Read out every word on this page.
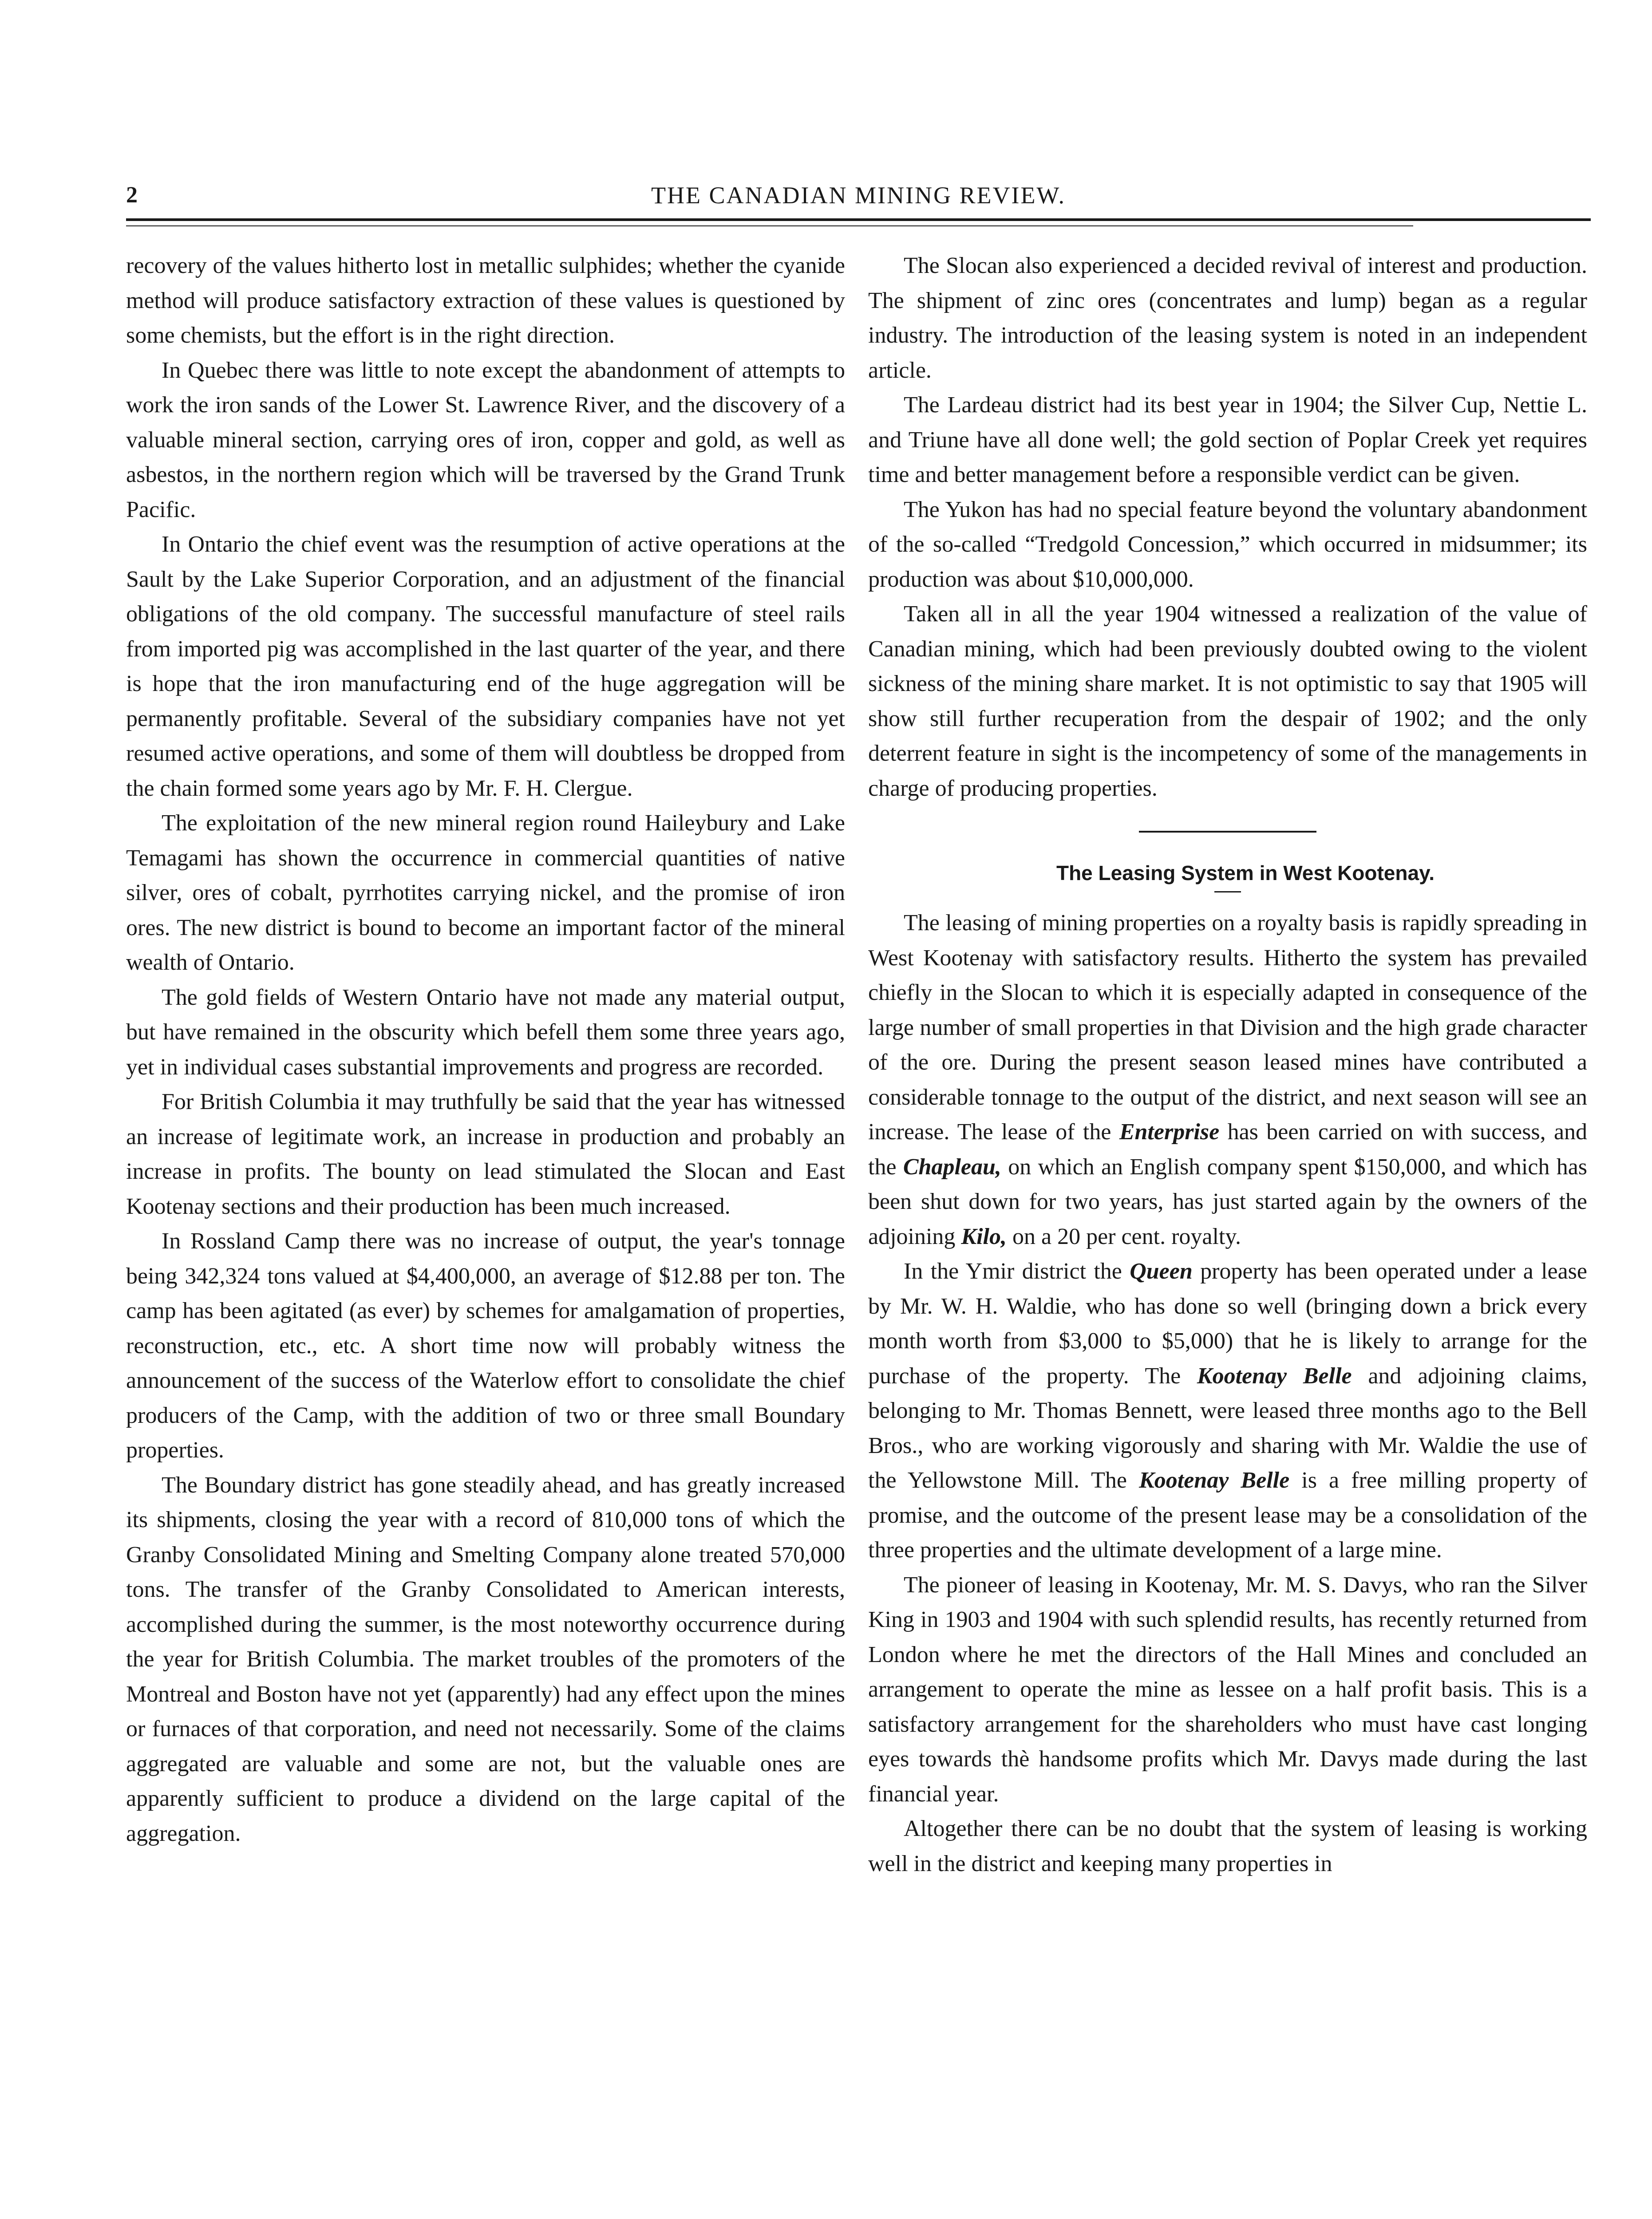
2	THE CANADIAN MINING REVIEW.

recovery of the values hitherto lost in metallic sulphides; whether the cyanide method will produce satisfactory extraction of these values is questioned by some chemists, but the effort is in the right direction.

In Quebec there was little to note except the abandonment of attempts to work the iron sands of the Lower St. Lawrence River, and the discovery of a valuable mineral section, carrying ores of iron, copper and gold, as well as asbestos, in the northern region which will be traversed by the Grand Trunk Pacific.

In Ontario the chief event was the resumption of active operations at the Sault by the Lake Superior Corporation, and an adjustment of the financial obligations of the old company. The successful manufacture of steel rails from imported pig was accomplished in the last quarter of the year, and there is hope that the iron manufacturing end of the huge aggregation will be permanently profitable. Several of the subsidiary companies have not yet resumed active operations, and some of them will doubtless be dropped from the chain formed some years ago by Mr. F. H. Clergue.

The exploitation of the new mineral region round Haileybury and Lake Temagami has shown the occurrence in commercial quantities of native silver, ores of cobalt, pyrrhotites carrying nickel, and the promise of iron ores. The new district is bound to become an important factor of the mineral wealth of Ontario.

The gold fields of Western Ontario have not made any material output, but have remained in the obscurity which befell them some three years ago, yet in individual cases substantial improvements and progress are recorded.

For British Columbia it may truthfully be said that the year has witnessed an increase of legitimate work, an increase in production and probably an increase in profits. The bounty on lead stimulated the Slocan and East Kootenay sections and their production has been much increased.

In Rossland Camp there was no increase of output, the year's tonnage being 342,324 tons valued at $4,400,000, an average of $12.88 per ton. The camp has been agitated (as ever) by schemes for amalgamation of properties, reconstruction, etc., etc. A short time now will probably witness the announcement of the success of the Waterlow effort to consolidate the chief producers of the Camp, with the addition of two or three small Boundary properties.

The Boundary district has gone steadily ahead, and has greatly increased its shipments, closing the year with a record of 810,000 tons of which the Granby Consolidated Mining and Smelting Company alone treated 570,000 tons. The transfer of the Granby Consolidated to American interests, accomplished during the summer, is the most noteworthy occurrence during the year for British Columbia. The market troubles of the promoters of the Montreal and Boston have not yet (apparently) had any effect upon the mines or furnaces of that corporation, and need not necessarily. Some of the claims aggregated are valuable and some are not, but the valuable ones are apparently sufficient to produce a dividend on the large capital of the aggregation.

The Slocan also experienced a decided revival of interest and production. The shipment of zinc ores (concentrates and lump) began as a regular industry. The introduction of the leasing system is noted in an independent article.

The Lardeau district had its best year in 1904; the Silver Cup, Nettie L. and Triune have all done well; the gold section of Poplar Creek yet requires time and better management before a responsible verdict can be given.

The Yukon has had no special feature beyond the voluntary abandonment of the so-called “Tredgold Concession,” which occurred in midsummer; its production was about $10,000,000.

Taken all in all the year 1904 witnessed a realization of the value of Canadian mining, which had been previously doubted owing to the violent sickness of the mining share market. It is not optimistic to say that 1905 will show still further recuperation from the despair of 1902; and the only deterrent feature in sight is the incompetency of some of the managements in charge of producing properties.

The Leasing System in West Kootenay.

The leasing of mining properties on a royalty basis is rapidly spreading in West Kootenay with satisfactory results. Hitherto the system has prevailed chiefly in the Slocan to which it is especially adapted in consequence of the large number of small properties in that Division and the high grade character of the ore. During the present season leased mines have contributed a considerable tonnage to the output of the district, and next season will see an increase. The lease of the Enterprise has been carried on with success, and the Chapleau, on which an English company spent $150,000, and which has been shut down for two years, has just started again by the owners of the adjoining Kilo, on a 20 per cent. royalty.

In the Ymir district the Queen property has been operated under a lease by Mr. W. H. Waldie, who has done so well (bringing down a brick every month worth from $3,000 to $5,000) that he is likely to arrange for the purchase of the property. The Kootenay Belle and adjoining claims, belonging to Mr. Thomas Bennett, were leased three months ago to the Bell Bros., who are working vigorously and sharing with Mr. Waldie the use of the Yellowstone Mill. The Kootenay Belle is a free milling property of promise, and the outcome of the present lease may be a consolidation of the three properties and the ultimate development of a large mine.

The pioneer of leasing in Kootenay, Mr. M. S. Davys, who ran the Silver King in 1903 and 1904 with such splendid results, has recently returned from London where he met the directors of the Hall Mines and concluded an arrangement to operate the mine as lessee on a half profit basis. This is a satisfactory arrangement for the shareholders who must have cast longing eyes towards thè handsome profits which Mr. Davys made during the last financial year.

Altogether there can be no doubt that the system of leasing is working well in the district and keeping many properties in
